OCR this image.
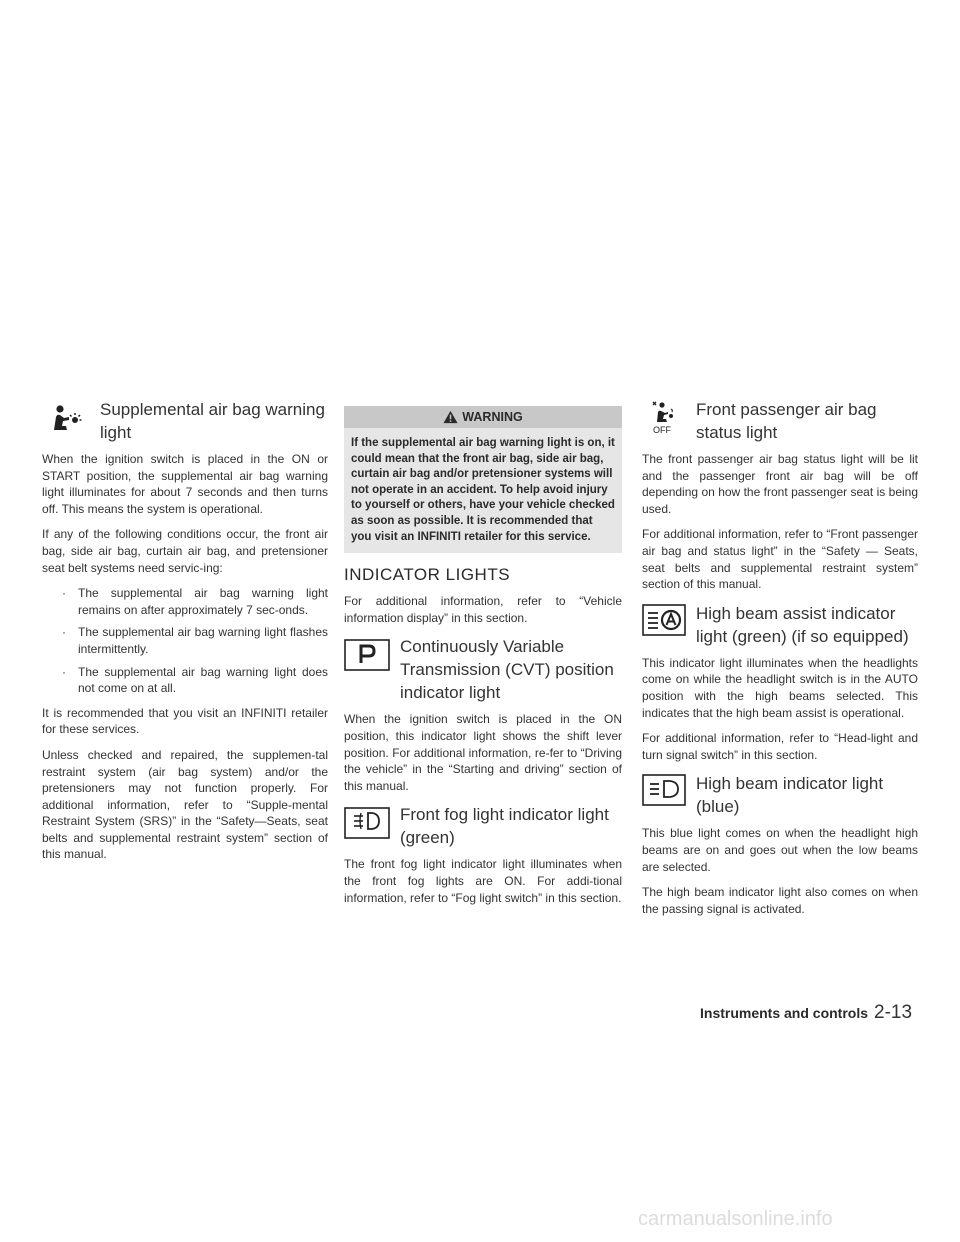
Supplemental air bag warning light

When the ignition switch is placed in the ON or START position, the supplemental air bag warning light illuminates for about 7 seconds and then turns off. This means the system is operational.

If any of the following conditions occur, the front air bag, side air bag, curtain air bag, and pretensioner seat belt systems need servic-ing:

· The supplemental air bag warning light remains on after approximately 7 sec-onds.
· The supplemental air bag warning light flashes intermittently.
· The supplemental air bag warning light does not come on at all.

It is recommended that you visit an INFINITI retailer for these services.

Unless checked and repaired, the supplemen-tal restraint system (air bag system) and/or the pretensioners may not function properly. For additional information, refer to “Supple-mental Restraint System (SRS)” in the “Safety—Seats, seat belts and supplemental restraint system” section of this manual.

WARNING
If the supplemental air bag warning light is on, it could mean that the front air bag, side air bag, curtain air bag and/or pretensioner systems will not operate in an accident. To help avoid injury to yourself or others, have your vehicle checked as soon as possible. It is recommended that you visit an INFINITI retailer for this service.
INDICATOR LIGHTS

For additional information, refer to “Vehicle information display” in this section.

Continuously Variable Transmission (CVT) position indicator light

When the ignition switch is placed in the ON position, this indicator light shows the shift lever position. For additional information, re-fer to “Driving the vehicle” in the “Starting and driving” section of this manual.

Front fog light indicator light (green)

The front fog light indicator light illuminates when the front fog lights are ON. For addi-tional information, refer to “Fog light switch” in this section.

OFF
Front passenger air bag status light

The front passenger air bag status light will be lit and the passenger front air bag will be off depending on how the front passenger seat is being used.

For additional information, refer to “Front passenger air bag and status light” in the “Safety — Seats, seat belts and supplemental restraint system” section of this manual.

High beam assist indicator light (green) (if so equipped)

This indicator light illuminates when the headlights come on while the headlight switch is in the AUTO position with the high beams selected. This indicates that the high beam assist is operational.

For additional information, refer to “Head-light and turn signal switch” in this section.

High beam indicator light (blue)

This blue light comes on when the headlight high beams are on and goes out when the low beams are selected.

The high beam indicator light also comes on when the passing signal is activated.

Instruments and controls 2-13
carmanualsonline.info
